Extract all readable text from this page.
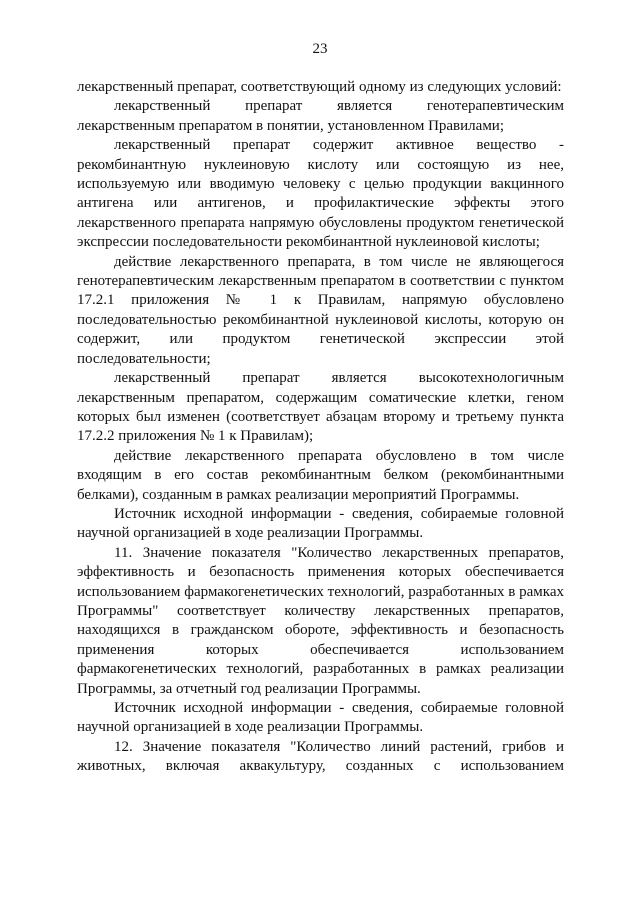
23

лекарственный препарат, соответствующий одному из следующих условий:

лекарственный препарат является генотерапевтическим лекарственным препаратом в понятии, установленном Правилами;

лекарственный препарат содержит активное вещество - рекомбинантную нуклеиновую кислоту или состоящую из нее, используемую или вводимую человеку с целью продукции вакцинного антигена или антигенов, и профилактические эффекты этого лекарственного препарата напрямую обусловлены продуктом генетической экспрессии последовательности рекомбинантной нуклеиновой кислоты;

действие лекарственного препарата, в том числе не являющегося генотерапевтическим лекарственным препаратом в соответствии с пунктом 17.2.1 приложения № 1 к Правилам, напрямую обусловлено последовательностью рекомбинантной нуклеиновой кислоты, которую он содержит, или продуктом генетической экспрессии этой последовательности;

лекарственный препарат является высокотехнологичным лекарственным препаратом, содержащим соматические клетки, геном которых был изменен (соответствует абзацам второму и третьему пункта 17.2.2 приложения № 1 к Правилам);

действие лекарственного препарата обусловлено в том числе входящим в его состав рекомбинантным белком (рекомбинантными белками), созданным в рамках реализации мероприятий Программы.

Источник исходной информации - сведения, собираемые головной научной организацией в ходе реализации Программы.

11. Значение показателя "Количество лекарственных препаратов, эффективность и безопасность применения которых обеспечивается использованием фармакогенетических технологий, разработанных в рамках Программы" соответствует количеству лекарственных препаратов, находящихся в гражданском обороте, эффективность и безопасность применения которых обеспечивается использованием фармакогенетических технологий, разработанных в рамках реализации Программы, за отчетный год реализации Программы.

Источник исходной информации - сведения, собираемые головной научной организацией в ходе реализации Программы.

12. Значение показателя "Количество линий растений, грибов и животных, включая аквакультуру, созданных с использованием
